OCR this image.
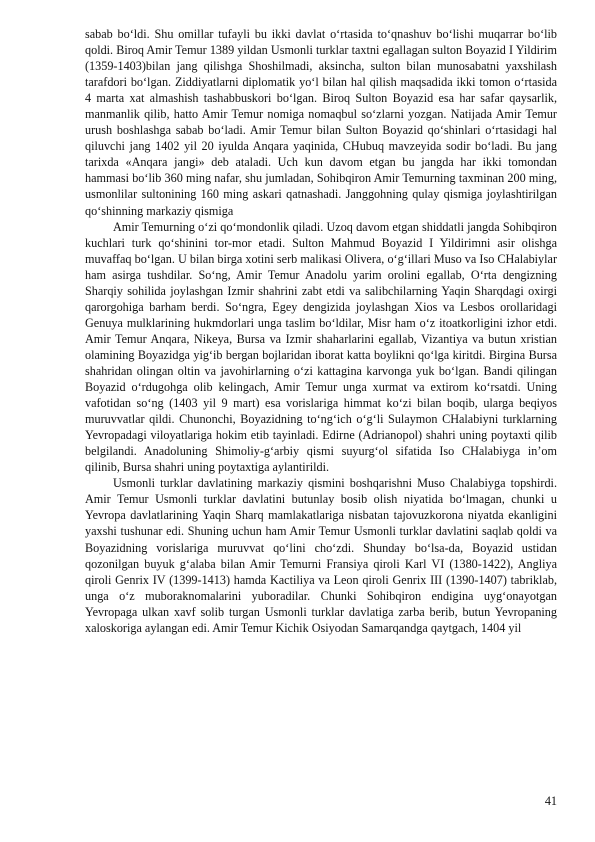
sabab bo‘ldi. Shu omillar tufayli bu ikki davlat o‘rtasida to‘qnashuv bo‘lishi muqarrar bo‘lib qoldi. Biroq Amir Temur 1389 yildan Usmonli turklar taxtni egallagan sulton Boyazid I Yildirim (1359-1403)bilan jang qilishga Shoshilmadi, aksincha, sulton bilan munosabatni yaxshilash tarafdori bo‘lgan. Ziddiyatlarni diplomatik yo‘l bilan hal qilish maqsadida ikki tomon o‘rtasida 4 marta xat almashish tashabbuskori bo‘lgan. Biroq Sulton Boyazid esa har safar qaysarlik, manmanlik qilib, hatto Amir Temur nomiga nomaqbul so‘zlarni yozgan. Natijada Amir Temur urush boshlashga sabab bo‘ladi. Amir Temur bilan Sulton Boyazid qo‘shinlari o‘rtasidagi hal qiluvchi jang 1402 yil 20 iyulda Anqara yaqinida, CHubuq mavzeyida sodir bo‘ladi. Bu jang tarixda «Anqara jangi» deb ataladi. Uch kun davom etgan bu jangda har ikki tomondan hammasi bo‘lib 360 ming nafar, shu jumladan, Sohibqiron Amir Temurning taxminan 200 ming, usmonlilar sultonining 160 ming askari qatnashadi. Janggohning qulay qismiga joylashtirilgan qo‘shinning markaziy qismiga

Amir Temurning o‘zi qo‘mondonlik qiladi. Uzoq davom etgan shiddatli jangda Sohibqiron kuchlari turk qo‘shinini tor-mor etadi. Sulton Mahmud Boyazid I Yildirimni asir olishga muvaffaq bo‘lgan. U bilan birga xotini serb malikasi Olivera, o‘g‘illari Muso va Iso CHalabiylar ham asirga tushdilar. So‘ng, Amir Temur Anadolu yarim orolini egallab, O‘rta dengizning Sharqiy sohilida joylashgan Izmir shahrini zabt etdi va salibchilarning Yaqin Sharqdagi oxirgi qarorgohiga barham berdi. So‘ngra, Egey dengizida joylashgan Xios va Lesbos orollaridagi Genuya mulklarining hukmdorlari unga taslim bo‘ldilar, Misr ham o‘z itoatkorligini izhor etdi. Amir Temur Anqara, Nikeya, Bursa va Izmir shaharlarini egallab, Vizantiya va butun xristian olamining Boyazidga yig‘ib bergan bojlaridan iborat katta boylikni qo‘lga kiritdi. Birgina Bursa shahridan olingan oltin va javohirlarning o‘zi kattagina karvonga yuk bo‘lgan. Bandi qilingan Boyazid o‘rdugohga olib kelingach, Amir Temur unga xurmat va extirom ko‘rsatdi. Uning vafotidan so‘ng (1403 yil 9 mart) esa vorislariga himmat ko‘zi bilan boqib, ularga beqiyos muruvvatlar qildi. Chunonchi, Boyazidning to‘ng‘ich o‘g‘li Sulaymon CHalabiyni turklarning Yevropadagi viloyatlariga hokim etib tayinladi. Edirne (Adrianopol) shahri uning poytaxti qilib belgilandi. Anadoluning Shimoliy-g‘arbiy qismi suyurg‘ol sifatida Iso CHalabiyga in’om qilinib, Bursa shahri uning poytaxtiga aylantirildi.

Usmonli turklar davlatining markaziy qismini boshqarishni Muso Chalabiyga topshirdi. Amir Temur Usmonli turklar davlatini butunlay bosib olish niyatida bo‘lmagan, chunki u Yevropa davlatlarining Yaqin Sharq mamlakatlariga nisbatan tajovuzkorona niyatda ekanligini yaxshi tushunar edi. Shuning uchun ham Amir Temur Usmonli turklar davlatini saqlab qoldi va Boyazidning vorislariga muruvvat qo‘lini cho‘zdi. Shunday bo‘lsa-da, Boyazid ustidan qozonilgan buyuk g‘alaba bilan Amir Temurni Fransiya qiroli Karl VI (1380-1422), Angliya qiroli Genrix IV (1399-1413) hamda Kactiliya va Leon qiroli Genrix III (1390-1407) tabriklab, unga o‘z muboraknomalarini yuboradilar. Chunki Sohibqiron endigina uyg‘onayotgan Yevropaga ulkan xavf solib turgan Usmonli turklar davlatiga zarba berib, butun Yevropaning xaloskoriga aylangan edi. Amir Temur Kichik Osiyodan Samarqandga qaytgach, 1404 yil

41
